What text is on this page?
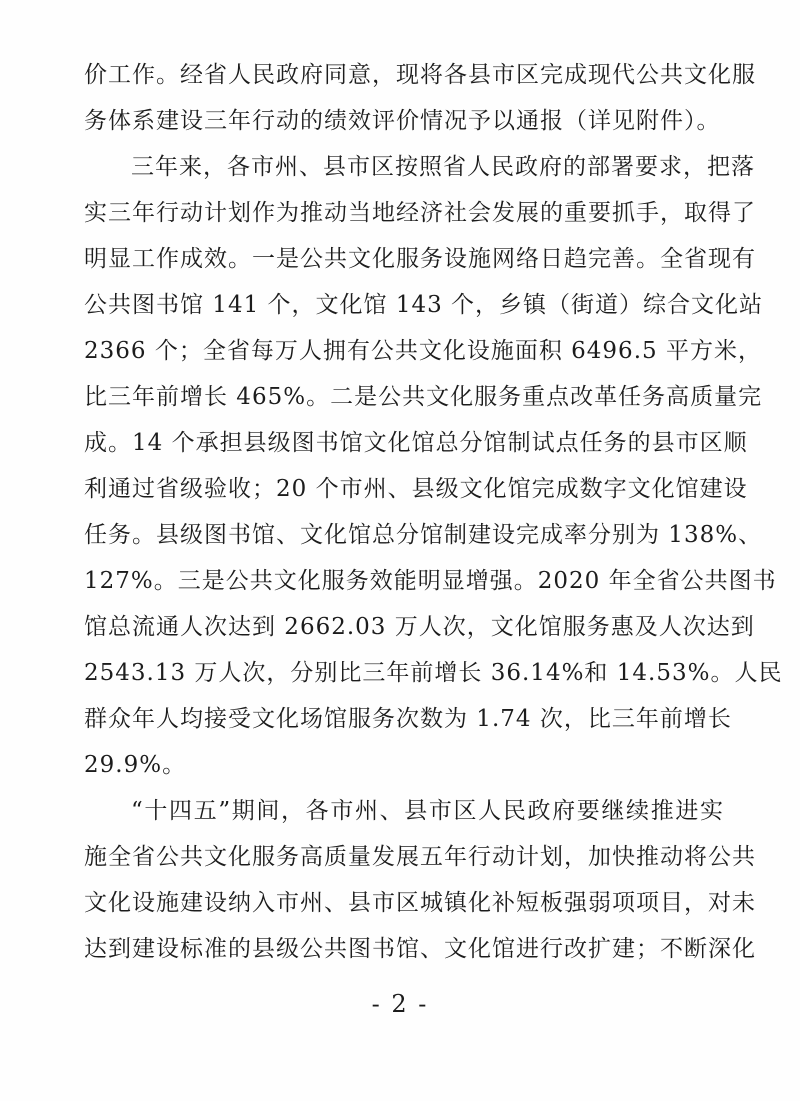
价工作。经省人民政府同意，现将各县市区完成现代公共文化服
务体系建设三年行动的绩效评价情况予以通报（详见附件）。
三年来，各市州、县市区按照省人民政府的部署要求，把落
实三年行动计划作为推动当地经济社会发展的重要抓手，取得了
明显工作成效。一是公共文化服务设施网络日趋完善。全省现有
公共图书馆 141 个，文化馆 143 个，乡镇（街道）综合文化站
2366 个；全省每万人拥有公共文化设施面积 6496.5 平方米，
比三年前增长 465%。二是公共文化服务重点改革任务高质量完
成。14 个承担县级图书馆文化馆总分馆制试点任务的县市区顺
利通过省级验收；20 个市州、县级文化馆完成数字文化馆建设
任务。县级图书馆、文化馆总分馆制建设完成率分别为 138%、
127%。三是公共文化服务效能明显增强。2020 年全省公共图书
馆总流通人次达到 2662.03 万人次，文化馆服务惠及人次达到
2543.13 万人次，分别比三年前增长 36.14%和 14.53%。人民
群众年人均接受文化场馆服务次数为 1.74 次，比三年前增长
29.9%。
“十四五”期间，各市州、县市区人民政府要继续推进实
施全省公共文化服务高质量发展五年行动计划，加快推动将公共
文化设施建设纳入市州、县市区城镇化补短板强弱项项目，对未
达到建设标准的县级公共图书馆、文化馆进行改扩建；不断深化
- 2 -
